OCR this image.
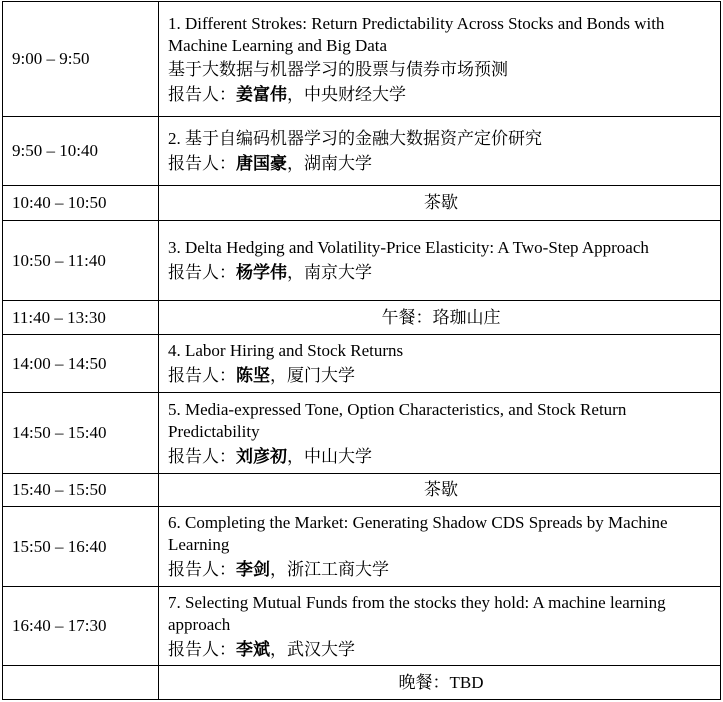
9:00 – 9:50	1. Different Strokes: Return Predictability Across Stocks and Bonds with Machine Learning and Big Data
基于大数据与机器学习的股票与债券市场预测
报告人：姜富伟，中央财经大学

9:50 – 10:40	2. 基于自编码机器学习的金融大数据资产定价研究
报告人：唐国豪，湖南大学

10:40 – 10:50	茶歇
10:50 – 11:40	3. Delta Hedging and Volatility-Price Elasticity: A Two-Step Approach
报告人：杨学伟，南京大学

11:40 – 13:30	午餐：珞珈山庄
14:00 – 14:50	4. Labor Hiring and Stock Returns
报告人：陈坚，厦门大学

14:50 – 15:40	5. Media-expressed Tone, Option Characteristics, and Stock Return Predictability
报告人：刘彦初，中山大学

15:40 – 15:50	茶歇
15:50 – 16:40	6. Completing the Market: Generating Shadow CDS Spreads by Machine Learning
报告人：李剑，浙江工商大学

16:40 – 17:30	7. Selecting Mutual Funds from the stocks they hold: A machine learning approach
报告人：李斌，武汉大学

	晚餐：TBD
